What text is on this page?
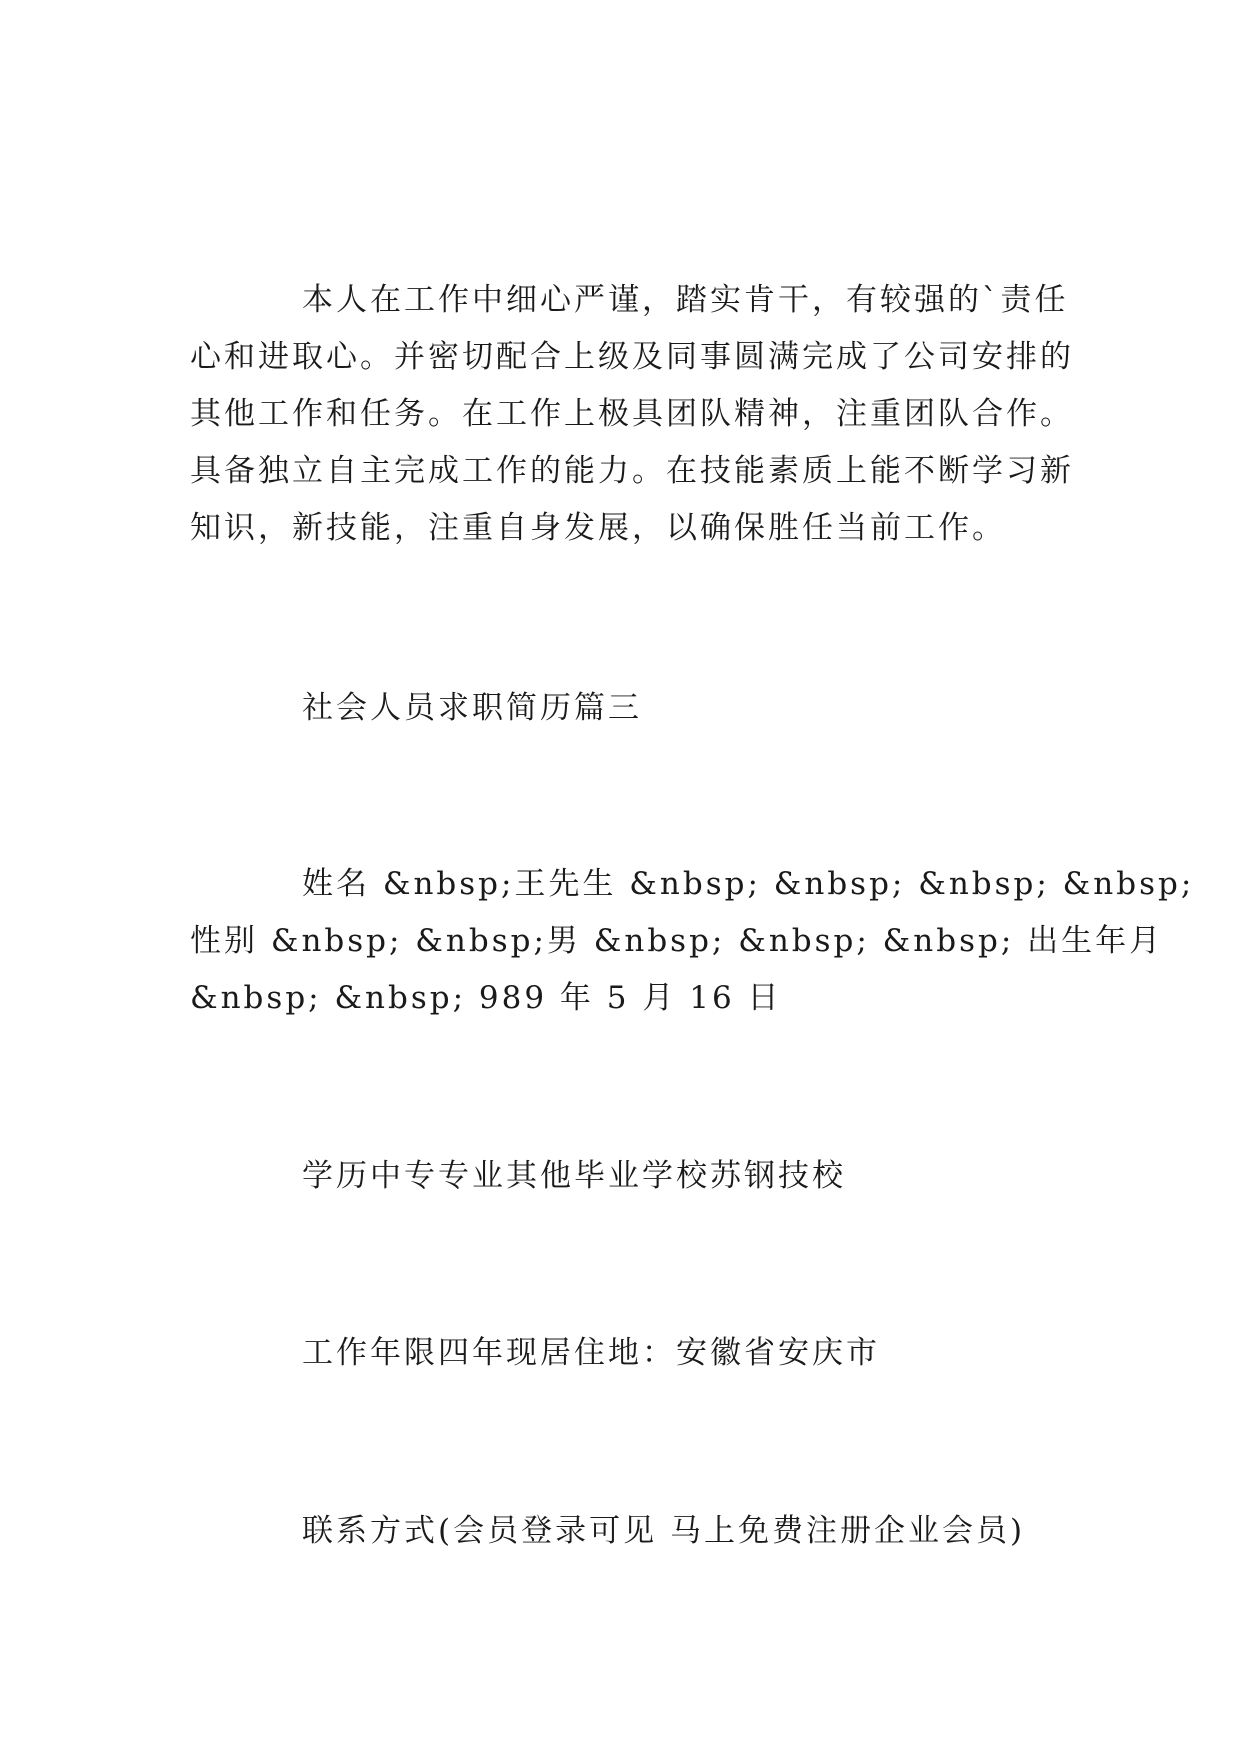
本人在工作中细心严谨，踏实肯干，有较强的`责任
心和进取心。并密切配合上级及同事圆满完成了公司安排的
其他工作和任务。在工作上极具团队精神，注重团队合作。
具备独立自主完成工作的能力。在技能素质上能不断学习新
知识，新技能，注重自身发展，以确保胜任当前工作。
社会人员求职简历篇三
姓名 &nbsp;王先生 &nbsp; &nbsp; &nbsp; &nbsp;
性别 &nbsp; &nbsp;男 &nbsp; &nbsp; &nbsp; 出生年月
&nbsp; &nbsp; 989 年 5 月 16 日
学历中专专业其他毕业学校苏钢技校
工作年限四年现居住地：安徽省安庆市
联系方式(会员登录可见 马上免费注册企业会员)
